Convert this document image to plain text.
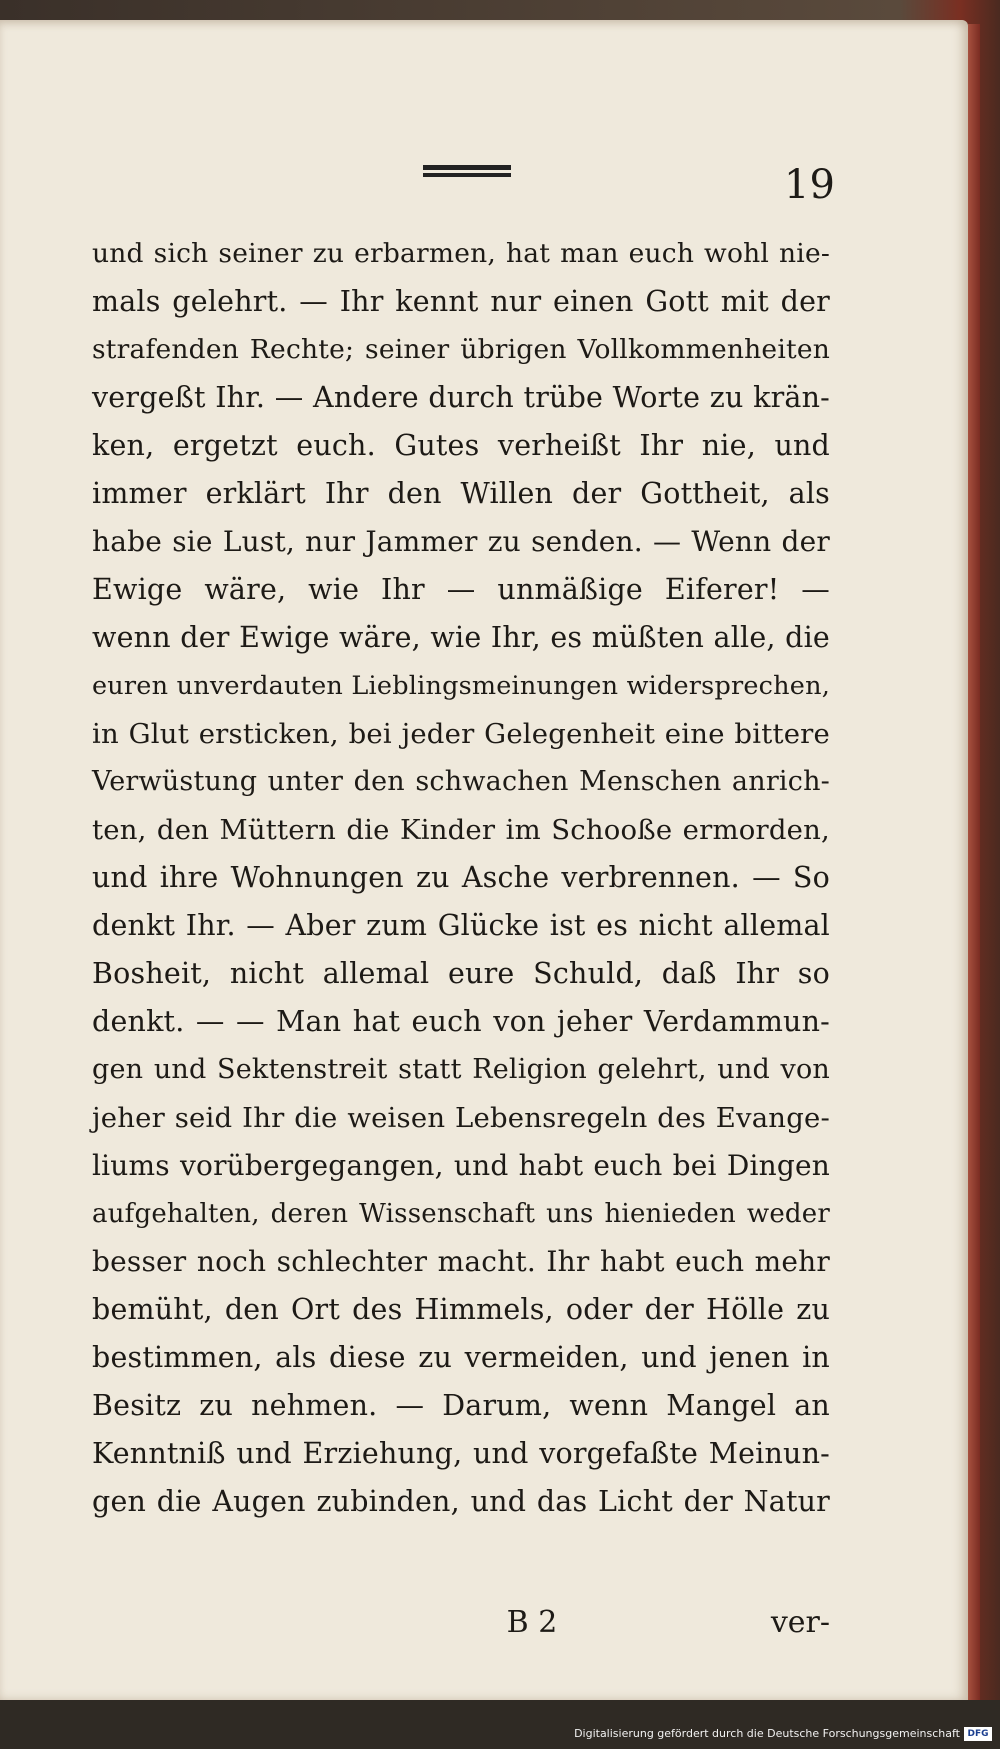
19
und sich seiner zu erbarmen, hat man euch wohl nie-
mals gelehrt. — Ihr kennt nur einen Gott mit der
strafenden Rechte; seiner übrigen Vollkommenheiten
vergeßt Ihr. — Andere durch trübe Worte zu krän-
ken, ergetzt euch. Gutes verheißt Ihr nie, und
immer erklärt Ihr den Willen der Gottheit, als
habe sie Lust, nur Jammer zu senden. — Wenn der
Ewige wäre, wie Ihr — unmäßige Eiferer! —
wenn der Ewige wäre, wie Ihr, es müßten alle, die
euren unverdauten Lieblingsmeinungen widersprechen,
in Glut ersticken, bei jeder Gelegenheit eine bittere
Verwüstung unter den schwachen Menschen anrich-
ten, den Müttern die Kinder im Schooße ermorden,
und ihre Wohnungen zu Asche verbrennen. — So
denkt Ihr. — Aber zum Glücke ist es nicht allemal
Bosheit, nicht allemal eure Schuld, daß Ihr so
denkt. — — Man hat euch von jeher Verdammun-
gen und Sektenstreit statt Religion gelehrt, und von
jeher seid Ihr die weisen Lebensregeln des Evange-
liums vorübergegangen, und habt euch bei Dingen
aufgehalten, deren Wissenschaft uns hienieden weder
besser noch schlechter macht. Ihr habt euch mehr
bemüht, den Ort des Himmels, oder der Hölle zu
bestimmen, als diese zu vermeiden, und jenen in
Besitz zu nehmen. — Darum, wenn Mangel an
Kenntniß und Erziehung, und vorgefaßte Meinun-
gen die Augen zubinden, und das Licht der Natur
B 2	ver-
Digitalisierung gefördert durch die Deutsche Forschungsgemeinschaft DFG
